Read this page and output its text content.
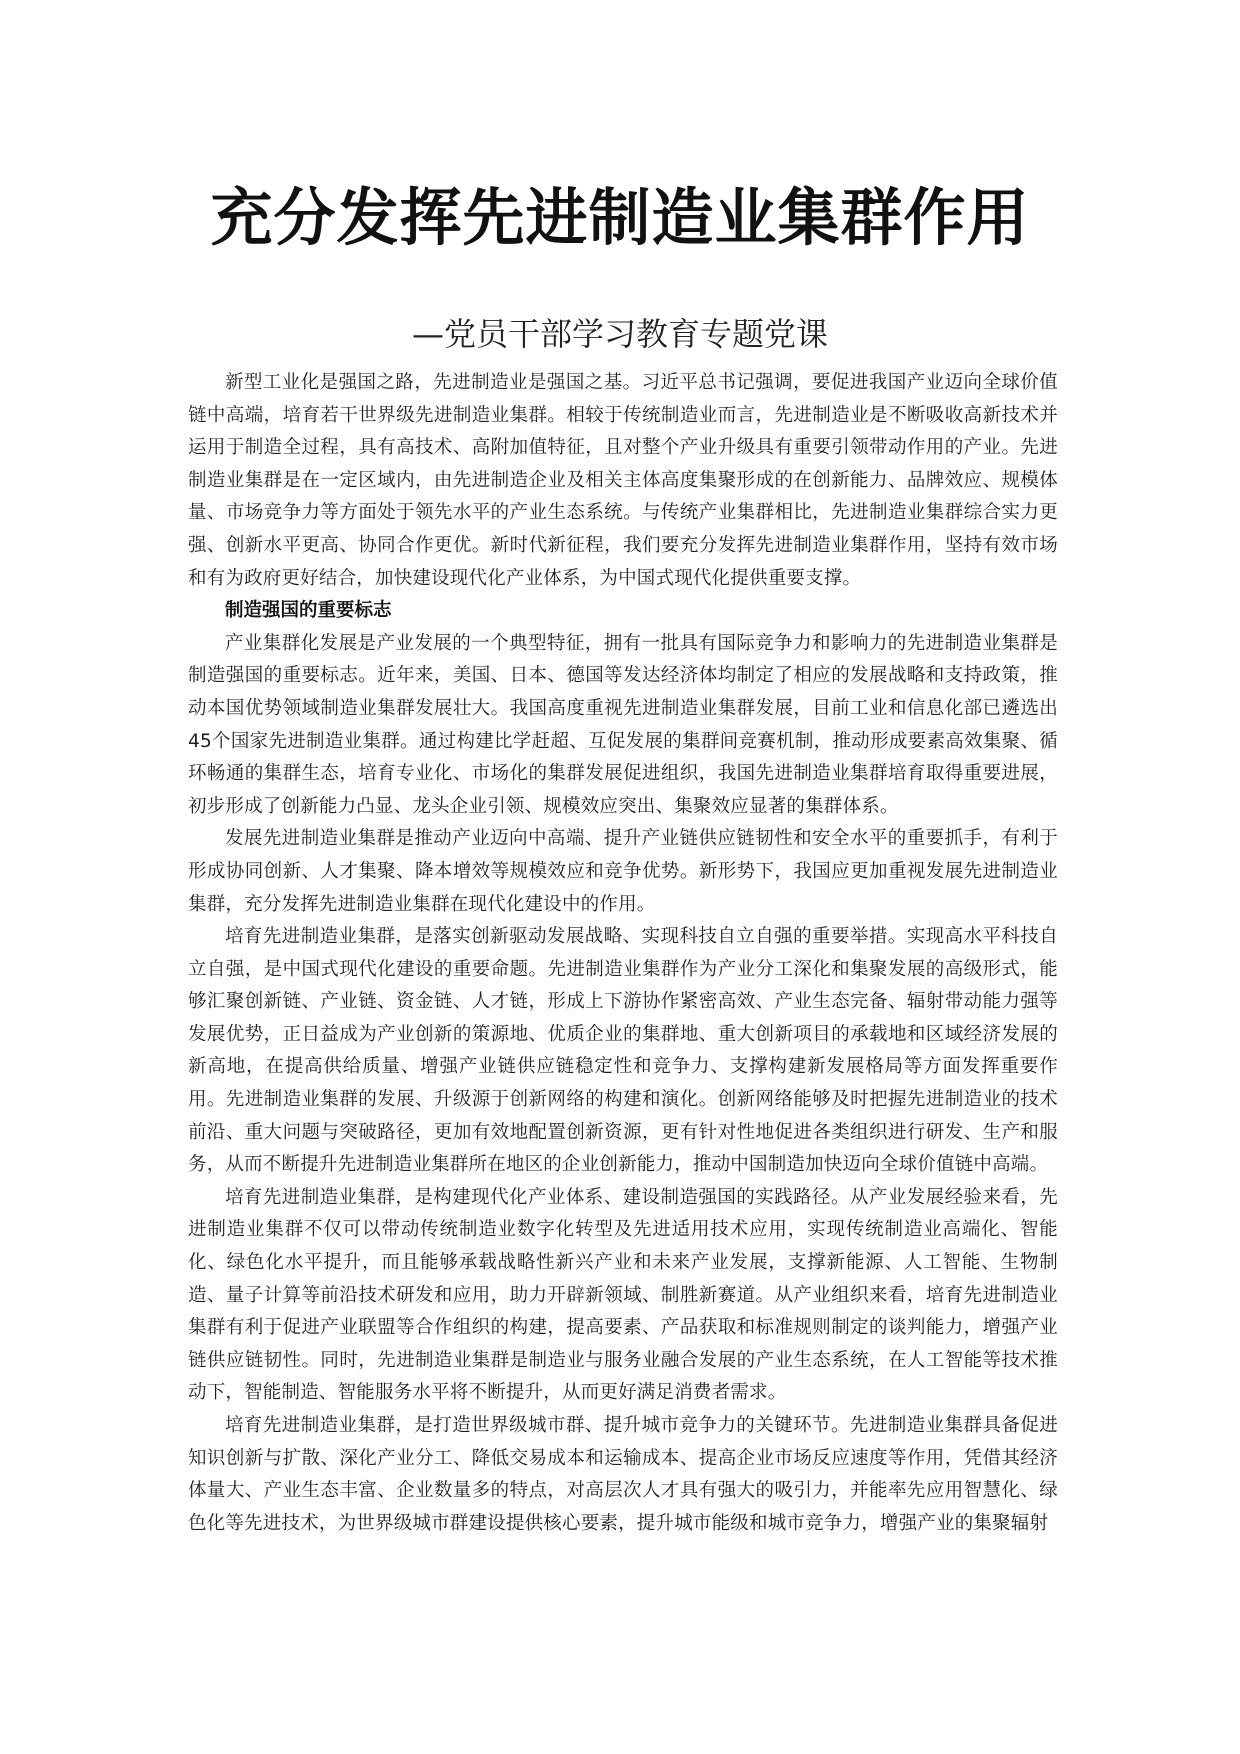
充分发挥先进制造业集群作用
—党员干部学习教育专题党课

新型工业化是强国之路，先进制造业是强国之基。习近平总书记强调，要促进我国产业迈向全球价值链中高端，培育若干世界级先进制造业集群。相较于传统制造业而言，先进制造业是不断吸收高新技术并运用于制造全过程，具有高技术、高附加值特征，且对整个产业升级具有重要引领带动作用的产业。先进制造业集群是在一定区域内，由先进制造企业及相关主体高度集聚形成的在创新能力、品牌效应、规模体量、市场竞争力等方面处于领先水平的产业生态系统。与传统产业集群相比，先进制造业集群综合实力更强、创新水平更高、协同合作更优。新时代新征程，我们要充分发挥先进制造业集群作用，坚持有效市场和有为政府更好结合，加快建设现代化产业体系，为中国式现代化提供重要支撑。

制造强国的重要标志

产业集群化发展是产业发展的一个典型特征，拥有一批具有国际竞争力和影响力的先进制造业集群是制造强国的重要标志。近年来，美国、日本、德国等发达经济体均制定了相应的发展战略和支持政策，推动本国优势领域制造业集群发展壮大。我国高度重视先进制造业集群发展，目前工业和信息化部已遴选出45个国家先进制造业集群。通过构建比学赶超、互促发展的集群间竞赛机制，推动形成要素高效集聚、循环畅通的集群生态，培育专业化、市场化的集群发展促进组织，我国先进制造业集群培育取得重要进展，初步形成了创新能力凸显、龙头企业引领、规模效应突出、集聚效应显著的集群体系。

发展先进制造业集群是推动产业迈向中高端、提升产业链供应链韧性和安全水平的重要抓手，有利于形成协同创新、人才集聚、降本增效等规模效应和竞争优势。新形势下，我国应更加重视发展先进制造业集群，充分发挥先进制造业集群在现代化建设中的作用。

培育先进制造业集群，是落实创新驱动发展战略、实现科技自立自强的重要举措。实现高水平科技自立自强，是中国式现代化建设的重要命题。先进制造业集群作为产业分工深化和集聚发展的高级形式，能够汇聚创新链、产业链、资金链、人才链，形成上下游协作紧密高效、产业生态完备、辐射带动能力强等发展优势，正日益成为产业创新的策源地、优质企业的集群地、重大创新项目的承载地和区域经济发展的新高地，在提高供给质量、增强产业链供应链稳定性和竞争力、支撑构建新发展格局等方面发挥重要作用。先进制造业集群的发展、升级源于创新网络的构建和演化。创新网络能够及时把握先进制造业的技术前沿、重大问题与突破路径，更加有效地配置创新资源，更有针对性地促进各类组织进行研发、生产和服务，从而不断提升先进制造业集群所在地区的企业创新能力，推动中国制造加快迈向全球价值链中高端。

培育先进制造业集群，是构建现代化产业体系、建设制造强国的实践路径。从产业发展经验来看，先进制造业集群不仅可以带动传统制造业数字化转型及先进适用技术应用，实现传统制造业高端化、智能化、绿色化水平提升，而且能够承载战略性新兴产业和未来产业发展，支撑新能源、人工智能、生物制造、量子计算等前沿技术研发和应用，助力开辟新领域、制胜新赛道。从产业组织来看，培育先进制造业集群有利于促进产业联盟等合作组织的构建，提高要素、产品获取和标准规则制定的谈判能力，增强产业链供应链韧性。同时，先进制造业集群是制造业与服务业融合发展的产业生态系统，在人工智能等技术推动下，智能制造、智能服务水平将不断提升，从而更好满足消费者需求。

培育先进制造业集群，是打造世界级城市群、提升城市竞争力的关键环节。先进制造业集群具备促进知识创新与扩散、深化产业分工、降低交易成本和运输成本、提高企业市场反应速度等作用，凭借其经济体量大、产业生态丰富、企业数量多的特点，对高层次人才具有强大的吸引力，并能率先应用智慧化、绿色化等先进技术，为世界级城市群建设提供核心要素，提升城市能级和城市竞争力，增强产业的集聚辐射
